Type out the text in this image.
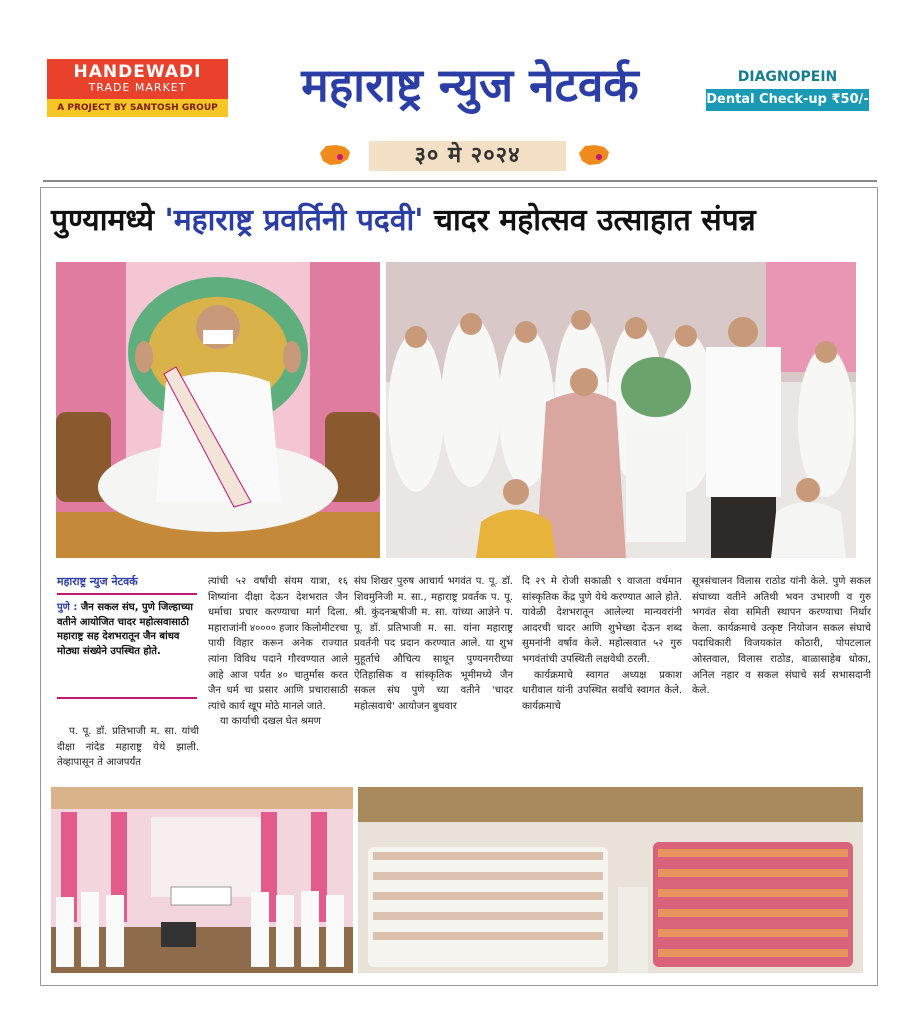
HANDEWADI
TRADE MARKET
A PROJECT BY SANTOSH GROUP	महाराष्ट्र न्युज नेटवर्क	DIAGNOPEIN
Dental Check-up ₹50/-
३० मे २०२४
पुण्यामध्ये 'महाराष्ट्र प्रवर्तिनी पदवी' चादर महोत्सव उत्साहात संपन्न
महाराष्ट्र न्युज नेटवर्क
पुणे : जैन सकल संघ, पुणे जिल्हाच्या वतीने आयोजित चादर महोत्सवासाठी महाराष्ट्र सह देशभरातून जैन बांधव मोठ्या संख्येने उपस्थित होते.

प. पू. डॉ. प्रतिभाजी म. सा. यांची दीक्षा नांदेड महाराष्ट्र येथे झाली. तेव्हापासून ते आजपर्यंत

त्यांची ५२ वर्षांची संयम यात्रा, १६ शिष्यांना दीक्षा देऊन देशभरात जैन धर्माचा प्रचार करण्याचा मार्ग दिला. महाराजांनी ४०००० हजार किलोमीटरचा पायी विहार करून अनेक राज्यात त्यांना विविध पदाने गौरवण्यात आले आहे आज पर्यंत ४० चातुर्मास करत जैन धर्म चा प्रसार आणि प्रचारासाठी त्यांचे कार्य खूप मोठे मानले जाते.

या कार्याची दखल घेत श्रमण

संघ शिखर पुरुष आचार्य भगवंत प. पू. डॉ. शिवमुनिजी म. सा., महाराष्ट्र प्रवर्तक प. पू. श्री. कुंदनऋषीजी म. सा. यांच्या आज्ञेने प. पू. डॉ. प्रतिभाजी म. सा. यांना महाराष्ट्र प्रवर्तनी पद प्रदान करण्यात आले. या शुभ मुहूर्ताचे औचित्य साधून पुण्यनगरीच्या ऐतिहासिक व सांस्कृतिक भूमीमध्ये जैन सकल संघ पुणे च्या वतीने 'चादर महोत्सवाचे' आयोजन बुधवार

दि २९ मे रोजी सकाळी ९ वाजता वर्धमान सांस्कृतिक केंद्र पुणे येथे करण्यात आले होते. यावेळी देशभरातून आलेल्या मान्यवरांनी आदरची चादर आणि शुभेच्छा देऊन शब्द सुमनांनी वर्षाव केले. महोत्सवात ५२ गुरु भगवंतांची उपस्थिती लक्षवेधी ठरली.

कार्यक्रमाचे स्वागत अध्यक्ष प्रकाश धारीवाल यांनी उपस्थित सर्वांचे स्वागत केले. कार्यक्रमाचे

सूत्रसंचालन विलास राठोड यांनी केले. पुणे सकल संघाच्या वतीने अतिथी भवन उभारणी व गुरु भगवंत सेवा समिती स्थापन करण्याचा निर्धार केला. कार्यक्रमाचे उत्कृष्ट नियोजन सकल संघाचे पदाधिकारी विजयकांत कोठारी, पोपटलाल ओस्तवाल, विलास राठोड, बाळासाहेब धोका, अनिल नहार व सकल संघाचे सर्व सभासदानी केले.
